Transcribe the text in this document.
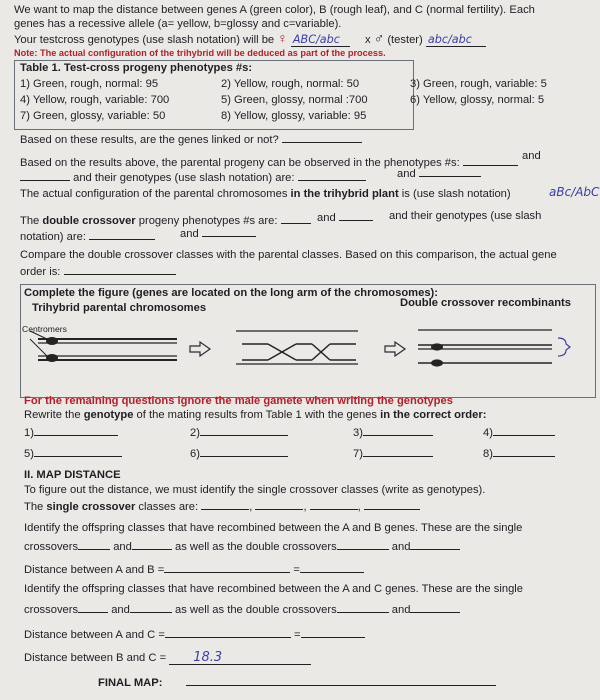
We want to map the distance between genes A (green color), B (rough leaf), and C (normal fertility). Each
genes has a recessive allele (a= yellow, b=glossy and c=variable).
Your testcross genotypes (use slash notation) will be ♀ ABC/abc x ♂ (tester) abc/abc
Note: The actual configuration of the trihybrid will be deduced as part of the process.
Table 1. Test-cross progeny phenotypes #s:
1) Green, rough, normal: 95	2) Yellow, rough, normal: 50	3) Green, rough, variable: 5
4) Yellow, rough, variable: 700	5) Green, glossy, normal :700	6) Yellow, glossy, normal: 5
7) Green, glossy, variable: 50	8) Yellow, glossy, variable: 95
Based on these results, are the genes linked or not?
Based on the results above, the parental progeny can be observed in the phenotypes #s:
and
and their genotypes (use slash notation) are:	and
The actual configuration of the parental chromosomes in the trihybrid plant is (use slash notation)	aBc/AbC
The double crossover progeny phenotypes #s are:	and	and their genotypes (use slash
notation) are:	and
Compare the double crossover classes with the parental classes. Based on this comparison, the actual gene
order is:
Complete the figure (genes are located on the long arm of the chromosomes):
Trihybrid parental chromosomes	Double crossover recombinants
Centromers
For the remaining questions ignore the male gamete when writing the genotypes
Rewrite the genotype of the mating results from Table 1 with the genes in the correct order:
1)	2)	3)	4)
5)	6)	7)	8)
II. MAP DISTANCE
To figure out the distance, we must identify the single crossover classes (write as genotypes).
The single crossover classes are:	,	,	,
Identify the offspring classes that have recombined between the A and B genes. These are the single
crossovers	and	as well as the double crossovers	and
Distance between A and B =	=
Identify the offspring classes that have recombined between the A and C genes. These are the single
crossovers	and	as well as the double crossovers	and
Distance between A and C =	=
Distance between B and C = 18.3
FINAL MAP:
